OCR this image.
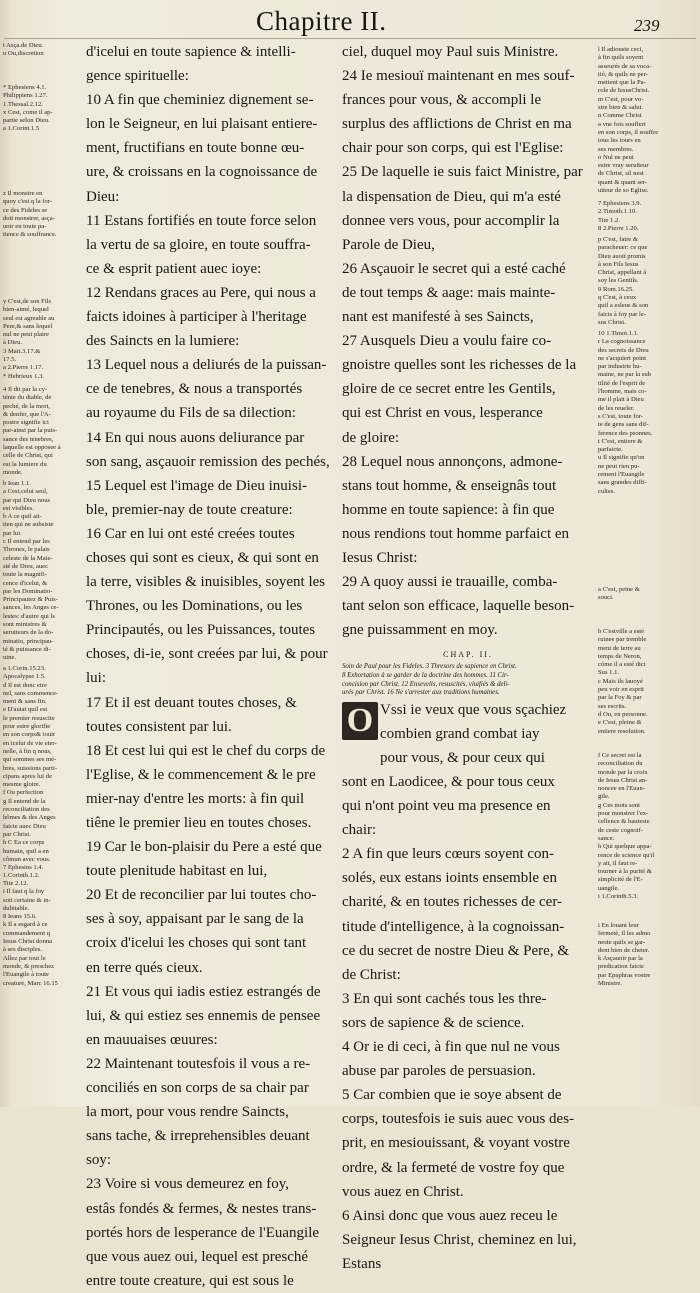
Chapitre II.	239
t Asça.de Dieu.
u Ou,discretion
* Ephesiens 4.1.
Philippiens 1.27.
1.Thessal.2.12.
x Cest, come il ap-
partie selon Dieu.
a 1.Corint.1.5
z Il monstre en
quoy c'est q la for-
ce des Fideles se
doit monstrer, asça-
uoir en toute pa-
tience & souffrance.
y C'est,de son Fils
bien-aimé, lequel
seul est agreable au
Pere,& sans lequel
nul ne peut plaire
à Dieu.
3 Matt.3.17.&
17.5.
a 2.Pierre 1.17.
* Hebrieux 1.3.
4 Il dit par la cy-
ténie du diable, de
peché, de la mort,
& denfer, que l'A-
postre signifie ici
par-ainsi par la puis-
sance des tenebres,
laquelle est opposee à
celle de Christ, qui
est la lumiere du
monde.
b Iean 1.1.
a Cest,celui seul,
par qui Dieu nous
est visibles.
b A ce quil ait-
tien qui ne subsiste
par lui.
c Il entend par les
Thrones, le palais
celeste de la Maie-
sté de Dieu, auec
toute la magnifi-
cence d'icelui, &
par les Dominatio-
Principautez & Puis-
sances, les Anges ce-
lestes: d'autre qui ls
sont ministres &
seruiteurs de la do-
minatio, principau-
té & puissance di-
uine.
a 1.Corin.15.23.
Apocalypse 1.5.
d Il est donc etre
nel, sans commence-
ment & sans fin.
e D'autat quil est
le premier resuscite
pour estre glorifie
en son corps& iouir
en icelui de vie eter-
nelle, à fin q nous,
qui sommes ses mé-
bres, suissions parti-
cipans apres lui de
mesme gloire.
f Ou perfection
g Il entend de la
reconciliation des
hômes & des Anges
faicte auec Dieu
par Christ.
h C Ea ce corps
humain, quil a en
cômun avec vous.
7 Ephesins 1.4.
1.Corinth.1.2.
Tite 2.12.
i Il faut q la foy
soit certaine & in-
dubitable.
8 Ieans 15.6.
k Il a esgard à ce
commandement q
Iesus Christ donna
à ses disciples.
Allez par tout le
monde, & preschez
l'Euangile à toute
creature, Marc 16.15
d'icelui en toute sapience & intelli-
gence spirituelle:
10 A fin que cheminiez dignement se-
lon le Seigneur, en lui plaisant entiere-
ment, fructifians en toute bonne œu-
ure, & croissans en la cognoissance de
Dieu:
11 Estans fortifiés en toute force selon
la vertu de sa gloire, en toute souffra-
ce & esprit patient auec ioye:
12 Rendans graces au Pere, qui nous a
faicts idoines à participer à l'heritage
des Saincts en la lumiere:
13 Lequel nous a deliurés de la puissan-
ce de tenebres, & nous a transportés
au royaume du Fils de sa dilection:
14 En qui nous auons deliurance par
son sang, asçauoir remission des pechés,
15 Lequel est l'image de Dieu inuisi-
ble, premier-nay de toute creature:
16 Car en lui ont esté creées toutes
choses qui sont es cieux, & qui sont en
la terre, visibles & inuisibles, soyent les
Thrones, ou les Dominations, ou les
Principautés, ou les Puissances, toutes
choses, di-ie, sont creées par lui, & pour
lui:
17 Et il est deuant toutes choses, &
toutes consistent par lui.
18 Et cest lui qui est le chef du corps de
l'Eglise, & le commencement & le pre
mier-nay d'entre les morts: à fin quil
tiêne le premier lieu en toutes choses.
19 Car le bon-plaisir du Pere a esté que
toute plenitude habitast en lui,
20 Et de reconcilier par lui toutes cho-
ses à soy, appaisant par le sang de la
croix d'icelui les choses qui sont tant
en terre qués cieux.
21 Et vous qui iadis estiez estrangés de
lui, & qui estiez ses ennemis de pensee
en mauuaises œuures:
22 Maintenant toutesfois il vous a re-
conciliés en son corps de sa chair par
la mort, pour vous rendre Saincts,
sans tache, & irreprehensibles deuant
soy:
23 Voire si vous demeurez en foy,
estâs fondés & fermes, & nestes trans-
portés hors de lesperance de l'Euangile
que vous auez oui, lequel est presché
entre toute creature, qui est sous le
ciel, duquel moy Paul suis Ministre.
24 Ie mesiouï maintenant en mes souf-
frances pour vous, & accompli le
surplus des afflictions de Christ en ma
chair pour son corps, qui est l'Eglise:
25 De laquelle ie suis faict Ministre, par
la dispensation de Dieu, qui m'a esté
donnee vers vous, pour accomplir la
Parole de Dieu,
26 Asçauoir le secret qui a esté caché
de tout temps & aage: mais mainte-
nant est manifesté à ses Saincts,
27 Ausquels Dieu a voulu faire co-
gnoistre quelles sont les richesses de la
gloire de ce secret entre les Gentils,
qui est Christ en vous, lesperance
de gloire:
28 Lequel nous annonçons, admone-
stans tout homme, & enseignâs tout
homme en toute sapience: à fin que
nous rendions tout homme parfaict en
Iesus Christ:
29 A quoy aussi ie trauaille, comba-
tant selon son efficace, laquelle beson-
gne puissamment en moy.
CHAP. II.
Soin de Paul pour les Fideles. 3 Thresors de sapience en Christ.
8 Exhortation à se garder de la doctrine des hommes. 11 Cir-
concision par Christ. 12 Ensevelis, resuscités, viuifiés & deli-
urés par Christ. 16 Ne s'arrester aux traditions humaines.
O Vssi ie veux que vous sçachiez
combien grand combat iay
pour vous, & pour ceux qui
sont en Laodicee, & pour tous ceux
qui n'ont point veu ma presence en
chair:
2 A fin que leurs cœurs soyent con-
solés, eux estans ioints ensemble en
charité, & en toutes richesses de cer-
titude d'intelligence, à la cognoissan-
ce du secret de nostre Dieu & Pere, &
de Christ:
3 En qui sont cachés tous les thre-
sors de sapience & de science.
4 Or ie di ceci, à fin que nul ne vous
abuse par paroles de persuasion.
5 Car combien que ie soye absent de
corps, toutesfois ie suis auec vous des-
prit, en mesiouissant, & voyant vostre
ordre, & la fermeté de vostre foy que
vous auez en Christ.
6 Ainsi donc que vous auez receu le
Seigneur Iesus Christ, cheminez en lui,
Estans
l Il adiouste ceci,
à fin quils soyent
asseurés de sa voca-
tió, & quils ne per-
mettent que la Pa-
role de IesusChrist.
m C'est, pour vo-
stre bien & salut.
n Comme Christ
a vne fois souffert
en son corps, il souffre
tous les iours en
ses membres.
o Nul ne peut
estre vray seruiteur
de Christ, sil nest
quant & quant ser-
uiteur de so Eglise.
7 Ephesiens 3.9.
2.Timoth.1.10.
Tite 1.2.
8 2.Pierre 1.20.
p C'est, faire &
paracheuer: ce que
Dieu auoit promis
à son Fils Iesus
Christ, appellant à
soy les Gentils.
9 Rom.16.25.
q C'est, à ceux
quil a esleus & son
faicts à foy par le-
sus Christ.
10 1.Timot.1.1.
r La cognoissance
des secrets de Dieu
ne s'acquiert point
par industrie hu-
maine, ne par la sub
tilité de l'esprit de
l'homme, mais co-
me il plait à Dieu
de les reueler.
s C'est, toute for-
te de gens sans dif-
ference des psonnes.
t C'est, entiere &
parfaicte.
u Il signifie qu'on
ne peut rien pu-
rement l'Euangile
sans grandes diffi-
cultes.
a C'est, peine &
souci.
b C'estville a esté
ruinee par tremble
ment de terre au
temps de Neron,
cóme il a esté dict
Sus 1.1.
c Mais ils lauoyé
peu voir en esprit
par la Foy & par
ses escrits.
d Ou, en personne.
e C'est, pleine &
entiere resolution.
f Ce secret est la
reconciliation du
monde par la croix
de Iesus Christ an-
noncee en l'Euan-
gile.
g Ces mots sont
pour monstrer l'ex-
cellence & hauteste
de ceste cognoif-
sance.
h Qui quelque appa-
rence de science qu'il
y ait, il faut re-
tourner à la purité &
simplicité de l'E-
uangile.
i 1.Corinth.5.3.
i En louant leur
fermeté, il les admo
neste quils se gar-
dent bien de cheter.
k Asçauoir par la
predication faicte
par Epaphras vostre
Ministre.
